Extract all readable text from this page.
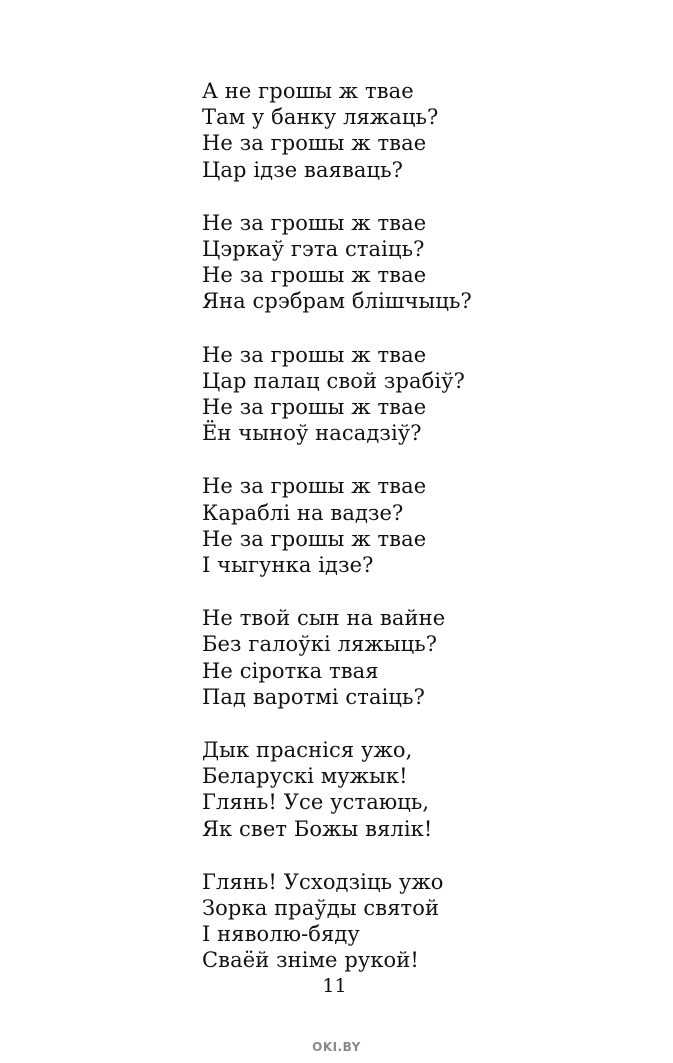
А не грошы ж твае
Там у банку ляжаць?
Не за грошы ж твае
Цар ідзе ваяваць?
Не за грошы ж твае
Цэркаў гэта стаіць?
Не за грошы ж твае
Яна срэбрам блішчыць?
Не за грошы ж твае
Цар палац свой зрабіў?
Не за грошы ж твае
Ён чыноў насадзіў?
Не за грошы ж твае
Караблі на вадзе?
Не за грошы ж твае
І чыгунка ідзе?
Не твой сын на вайне
Без галоўкі ляжыць?
Не сіротка твая
Пад варотмі стаіць?
Дык прасніся ужо,
Беларускі мужык!
Глянь! Усе устаюць,
Як свет Божы вялік!
Глянь! Усходзіць ужо
Зорка праўды святой
І няволю-бяду
Сваёй зніме рукой!
11
OKI.BY
